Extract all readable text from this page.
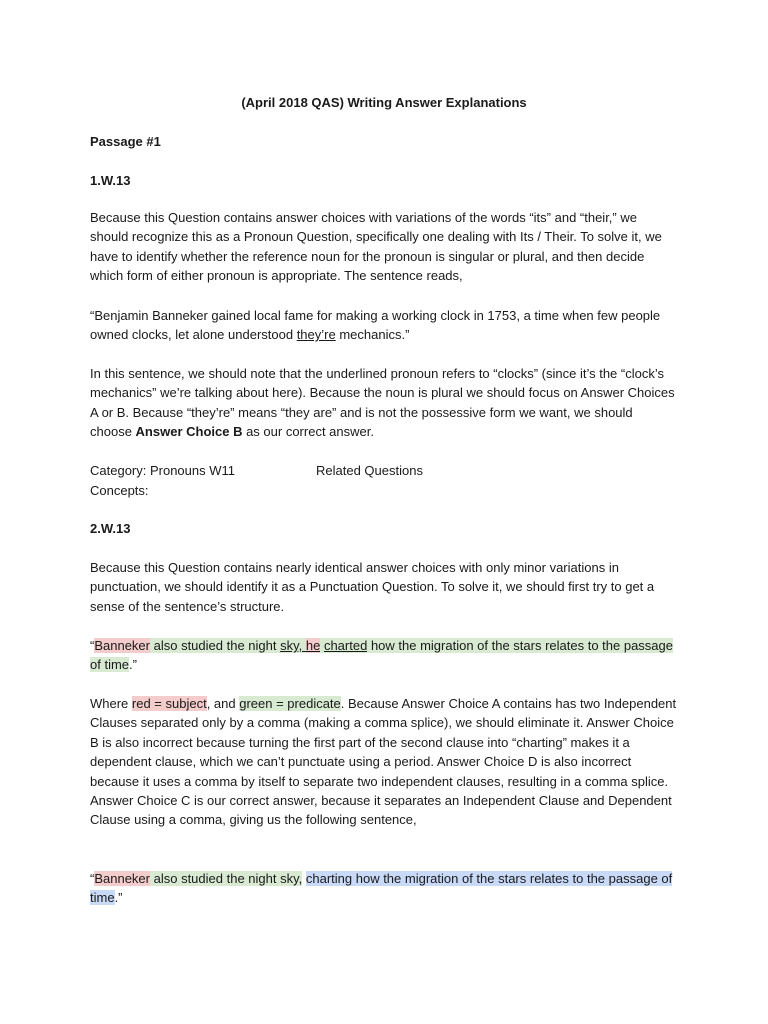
(April 2018 QAS) Writing Answer Explanations
Passage #1
1.W.13

Because this Question contains answer choices with variations of the words “its” and “their,” we should recognize this as a Pronoun Question, specifically one dealing with Its / Their. To solve it, we have to identify whether the reference noun for the pronoun is singular or plural, and then decide which form of either pronoun is appropriate. The sentence reads,

“Benjamin Banneker gained local fame for making a working clock in 1753, a time when few people owned clocks, let alone understood they’re mechanics.”

In this sentence, we should note that the underlined pronoun refers to “clocks” (since it’s the “clock’s mechanics” we’re talking about here). Because the noun is plural we should focus on Answer Choices A or B. Because “they’re” means “they are” and is not the possessive form we want, we should choose Answer Choice B as our correct answer.

Category: Pronouns W11	Related Questions
Concepts:
2.W.13

Because this Question contains nearly identical answer choices with only minor variations in punctuation, we should identify it as a Punctuation Question. To solve it, we should first try to get a sense of the sentence’s structure.

“Banneker also studied the night sky, he charted how the migration of the stars relates to the passage of time.”

Where red = subject, and green = predicate. Because Answer Choice A contains has two Independent Clauses separated only by a comma (making a comma splice), we should eliminate it. Answer Choice B is also incorrect because turning the first part of the second clause into “charting” makes it a dependent clause, which we can’t punctuate using a period. Answer Choice D is also incorrect because it uses a comma by itself to separate two independent clauses, resulting in a comma splice. Answer Choice C is our correct answer, because it separates an Independent Clause and Dependent Clause using a comma, giving us the following sentence,

“Banneker also studied the night sky, charting how the migration of the stars relates to the passage of time.”
